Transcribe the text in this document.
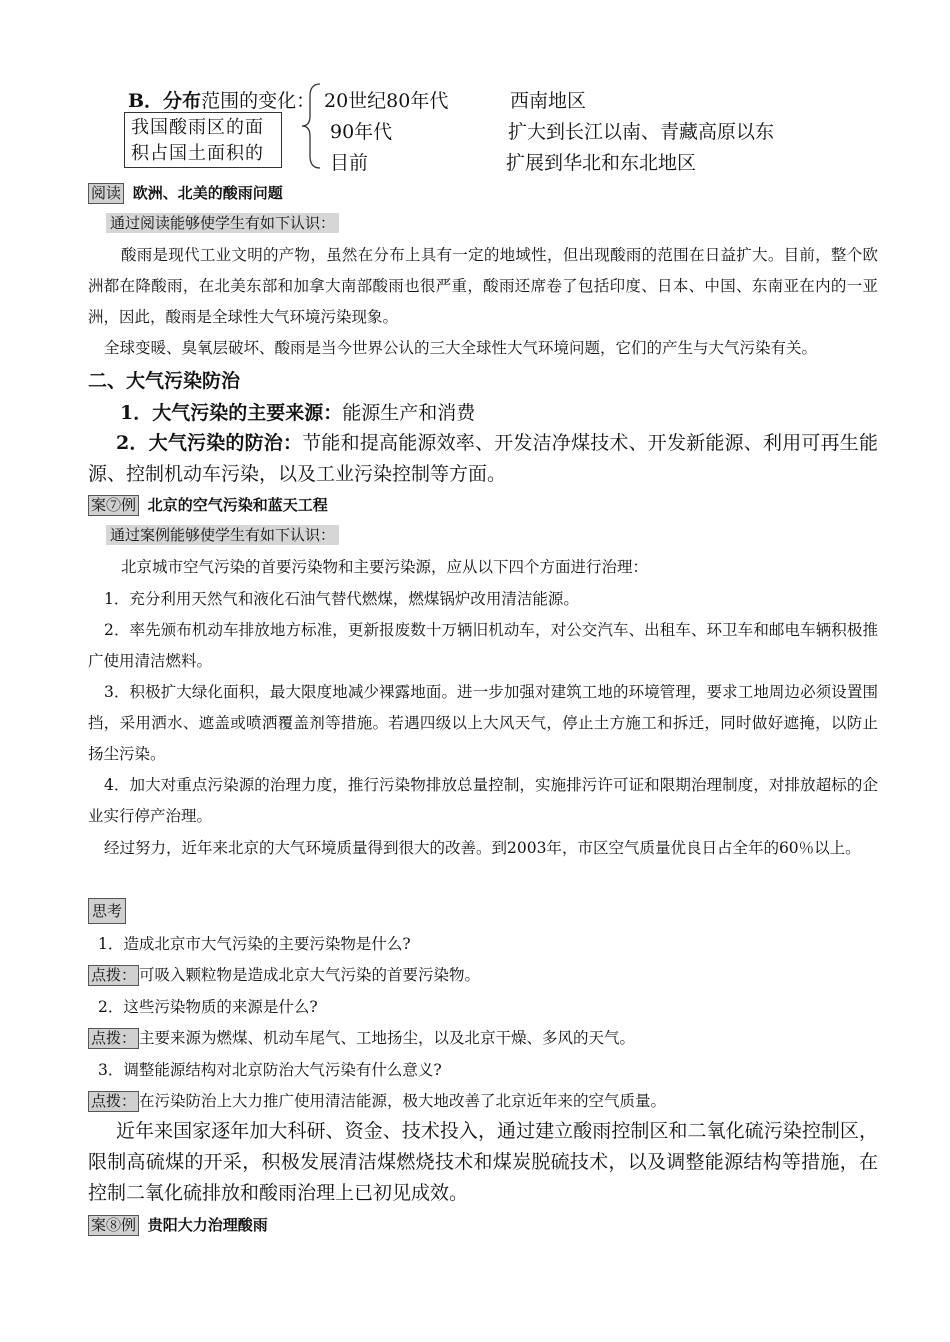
B．分布范围的变化：
我国酸雨区的面积占国土面积的
20世纪80年代	西南地区
90年代	扩大到长江以南、青藏高原以东
目前	扩展到华北和东北地区
阅读 欧洲、北美的酸雨问题
通过阅读能够使学生有如下认识：
酸雨是现代工业文明的产物，虽然在分布上具有一定的地域性，但出现酸雨的范围在日益扩大。目前，整个欧洲都在降酸雨，在北美东部和加拿大南部酸雨也很严重，酸雨还席卷了包括印度、日本、中国、东南亚在内的一亚洲，因此，酸雨是全球性大气环境污染现象。
全球变暖、臭氧层破坏、酸雨是当今世界公认的三大全球性大气环境问题，它们的产生与大气污染有关。
二、大气污染防治
1．大气污染的主要来源：能源生产和消费
2．大气污染的防治：节能和提高能源效率、开发洁净煤技术、开发新能源、利用可再生能源、控制机动车污染，以及工业污染控制等方面。
案⑦例 北京的空气污染和蓝天工程
通过案例能够使学生有如下认识：
北京城市空气污染的首要污染物和主要污染源，应从以下四个方面进行治理：
1．充分利用天然气和液化石油气替代燃煤，燃煤锅炉改用清洁能源。
2．率先颁布机动车排放地方标准，更新报废数十万辆旧机动车，对公交汽车、出租车、环卫车和邮电车辆积极推广使用清洁燃料。
3．积极扩大绿化面积，最大限度地减少裸露地面。进一步加强对建筑工地的环境管理，要求工地周边必须设置围挡，采用洒水、遮盖或喷洒覆盖剂等措施。若遇四级以上大风天气，停止土方施工和拆迁，同时做好遮掩，以防止扬尘污染。
4．加大对重点污染源的治理力度，推行污染物排放总量控制，实施排污许可证和限期治理制度，对排放超标的企业实行停产治理。
经过努力，近年来北京的大气环境质量得到很大的改善。到2003年，市区空气质量优良日占全年的60％以上。
思考
1．造成北京市大气污染的主要污染物是什么?
点拨： 可吸入颗粒物是造成北京大气污染的首要污染物。
2．这些污染物质的来源是什么?
点拨： 主要来源为燃煤、机动车尾气、工地扬尘，以及北京干燥、多风的天气。
3．调整能源结构对北京防治大气污染有什么意义?
点拨： 在污染防治上大力推广使用清洁能源，极大地改善了北京近年来的空气质量。
近年来国家逐年加大科研、资金、技术投入，通过建立酸雨控制区和二氧化硫污染控制区，限制高硫煤的开采，积极发展清洁煤燃烧技术和煤炭脱硫技术，以及调整能源结构等措施，在控制二氧化硫排放和酸雨治理上已初见成效。
案⑧例 贵阳大力治理酸雨
